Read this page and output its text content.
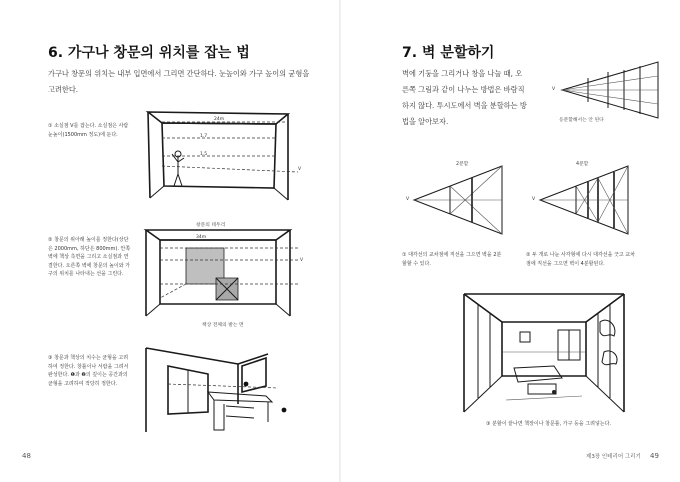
6. 가구나 창문의 위치를 잡는 법

가구나 창문의 위치는 내부 입면에서 그리면 간단하다. 눈높이와 가구 높이의 균형을 고려한다.

① 소실점 V를 잡는다. 소실점은 사람 눈높이(1500mm 정도)에 둔다.

24m
1.7
1.5
V

② 창문의 위아래 높이를 정한다(상단은 2000mm, 하단은 800mm). 안쪽 벽에 책상 측면을 그리고 소실점과 연결한다. 오른쪽 벽에 창문의 높이와 가구의 위치를 나타내는 선을 그린다.

창문의 테두리
34m
V
책상 전체의 발는 면

③ 창문과 책상의 치수는 균형을 고려하여 정한다. 창틀이나 서랍을 그려서 완성한다. ❶과 ❷의 깊이는 공간과의 균형을 고려하여 적당히 정한다.

48
7. 벽 분할하기

벽에 기둥을 그리거나 창을 나눌 때, 오른쪽 그림과 같이 나누는 방법은 바람직하지 않다. 투시도에서 벽을 분할하는 방법을 알아보자.

V
등분할해서는 안 된다
2분할
V

① 대각선의 교차점에 직선을 그으면 벽을 2분할할 수 있다.

4분할
V

② 두 개로 나눈 사각형에 다시 대각선을 긋고 교차점에 직선을 그으면 벽이 4분할된다.

③ 분할이 끝나면 책장이나 창문틀, 가구 등을 그려넣는다.

제3장 인테리어 그리기 49
